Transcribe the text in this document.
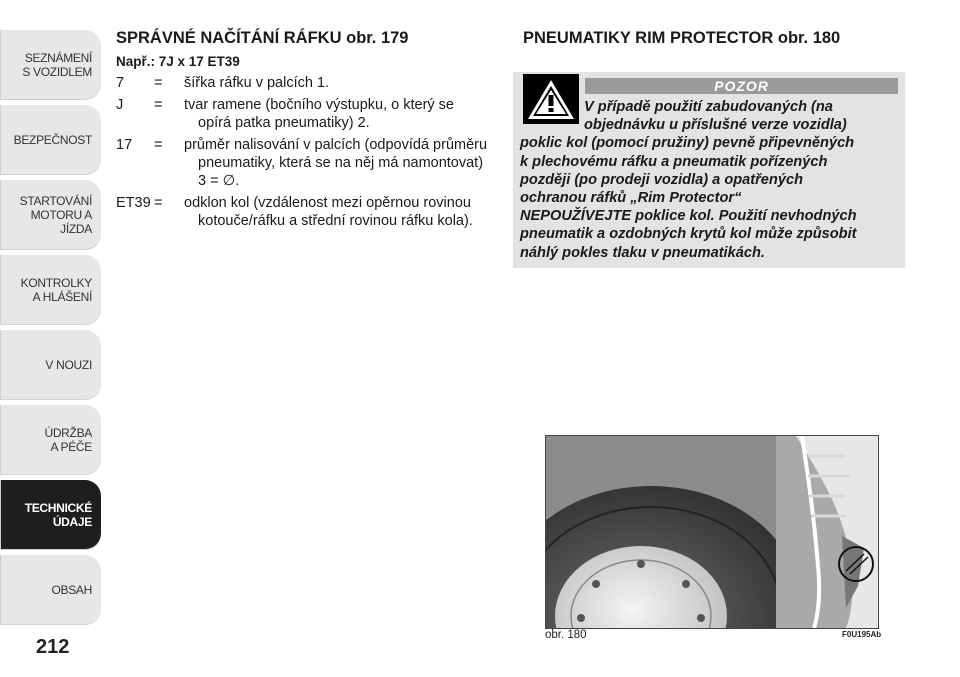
SEZNÁMENÍ
S VOZIDLEM
BEZPEČNOST
STARTOVÁNÍ
MOTORU A JÍZDA
KONTROLKY
A HLÁŠENÍ
V NOUZI
ÚDRŽBA
A PÉČE
TECHNICKÉ
ÚDAJE
OBSAH
212

SPRÁVNÉ NAČÍTÁNÍ RÁFKU obr. 179

Např.: 7J x 17 ET39
7	=	šířka ráfku v palcích 1.
J	=	tvar ramene (bočního výstupku, o který se
opírá patka pneumatiky) 2.
17	=	průměr nalisování v palcích (odpovídá průměru
pneumatiky, která se na něj má namontovat)
3 = ∅.
ET39 =	odklon kol (vzdálenost mezi opěrnou rovinou
kotouče/ráfku a střední rovinou ráfku kola).

PNEUMATIKY RIM PROTECTOR obr. 180

POZOR
V případě použití zabudovaných (na
objednávku u příslušné verze vozidla)
poklic kol (pomocí pružiny) pevně připevněných
k plechovému ráfku a pneumatik pořízených
později (po prodeji vozidla) a opatřených
ochranou ráfků „Rim Protector“
NEPOUŽÍVEJTE poklice kol. Použití nevhodných
pneumatik a ozdobných krytů kol může způsobit
náhlý pokles tlaku v pneumatikách.
obr. 180	F0U195Ab
